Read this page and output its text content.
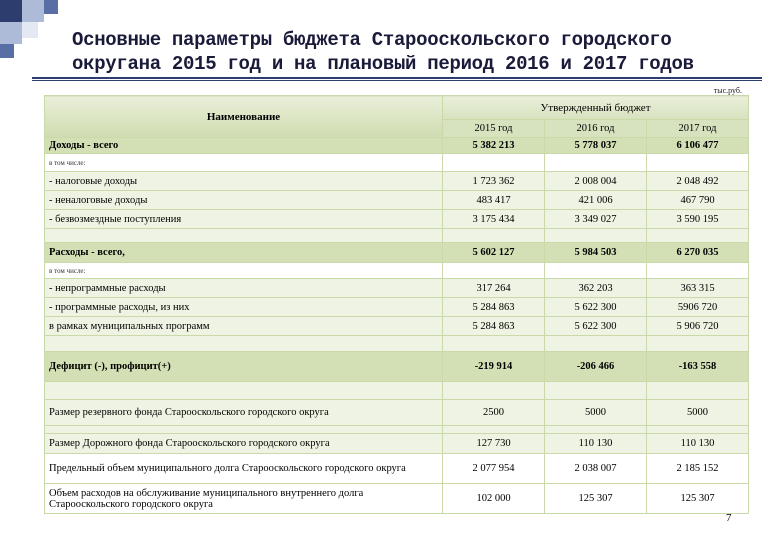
Основные параметры бюджета Старооскольского городского
округана 2015 год и на плановый период 2016 и 2017 годов
тыс.руб.
Наименование	Утвержденный бюджет		
	2015 год	2016 год	2017 год
Доходы - всего	5 382 213	5 778 037	6 106 477
в том числе:			
- налоговые доходы	1 723 362	2 008 004	2 048 492
- неналоговые доходы	483 417	421 006	467 790
- безвозмездные поступления	3 175 434	3 349 027	3 590 195

Расходы - всего,	5 602 127	5 984 503	6 270 035
в том числе:			
- непрограммные расходы	317 264	362 203	363 315
- программные расходы, из них	5 284 863	5 622 300	5906 720
в рамках муниципальных программ	5 284 863	5 622 300	5 906 720

Дефицит (-), профицит(+)	-219 914	-206 466	-163 558

Размер резервного фонда Старооскольского городского округа	2500	5000	5000

Размер Дорожного фонда Старооскольского городского округа	127 730	110 130	110 130
Предельный объем муниципального долга Старооскольского городского округа	2 077 954	2 038 007	2 185 152
Объем расходов на обслуживание муниципального внутреннего долга Старооскольского городского округа	102 000	125 307	125 307
7
